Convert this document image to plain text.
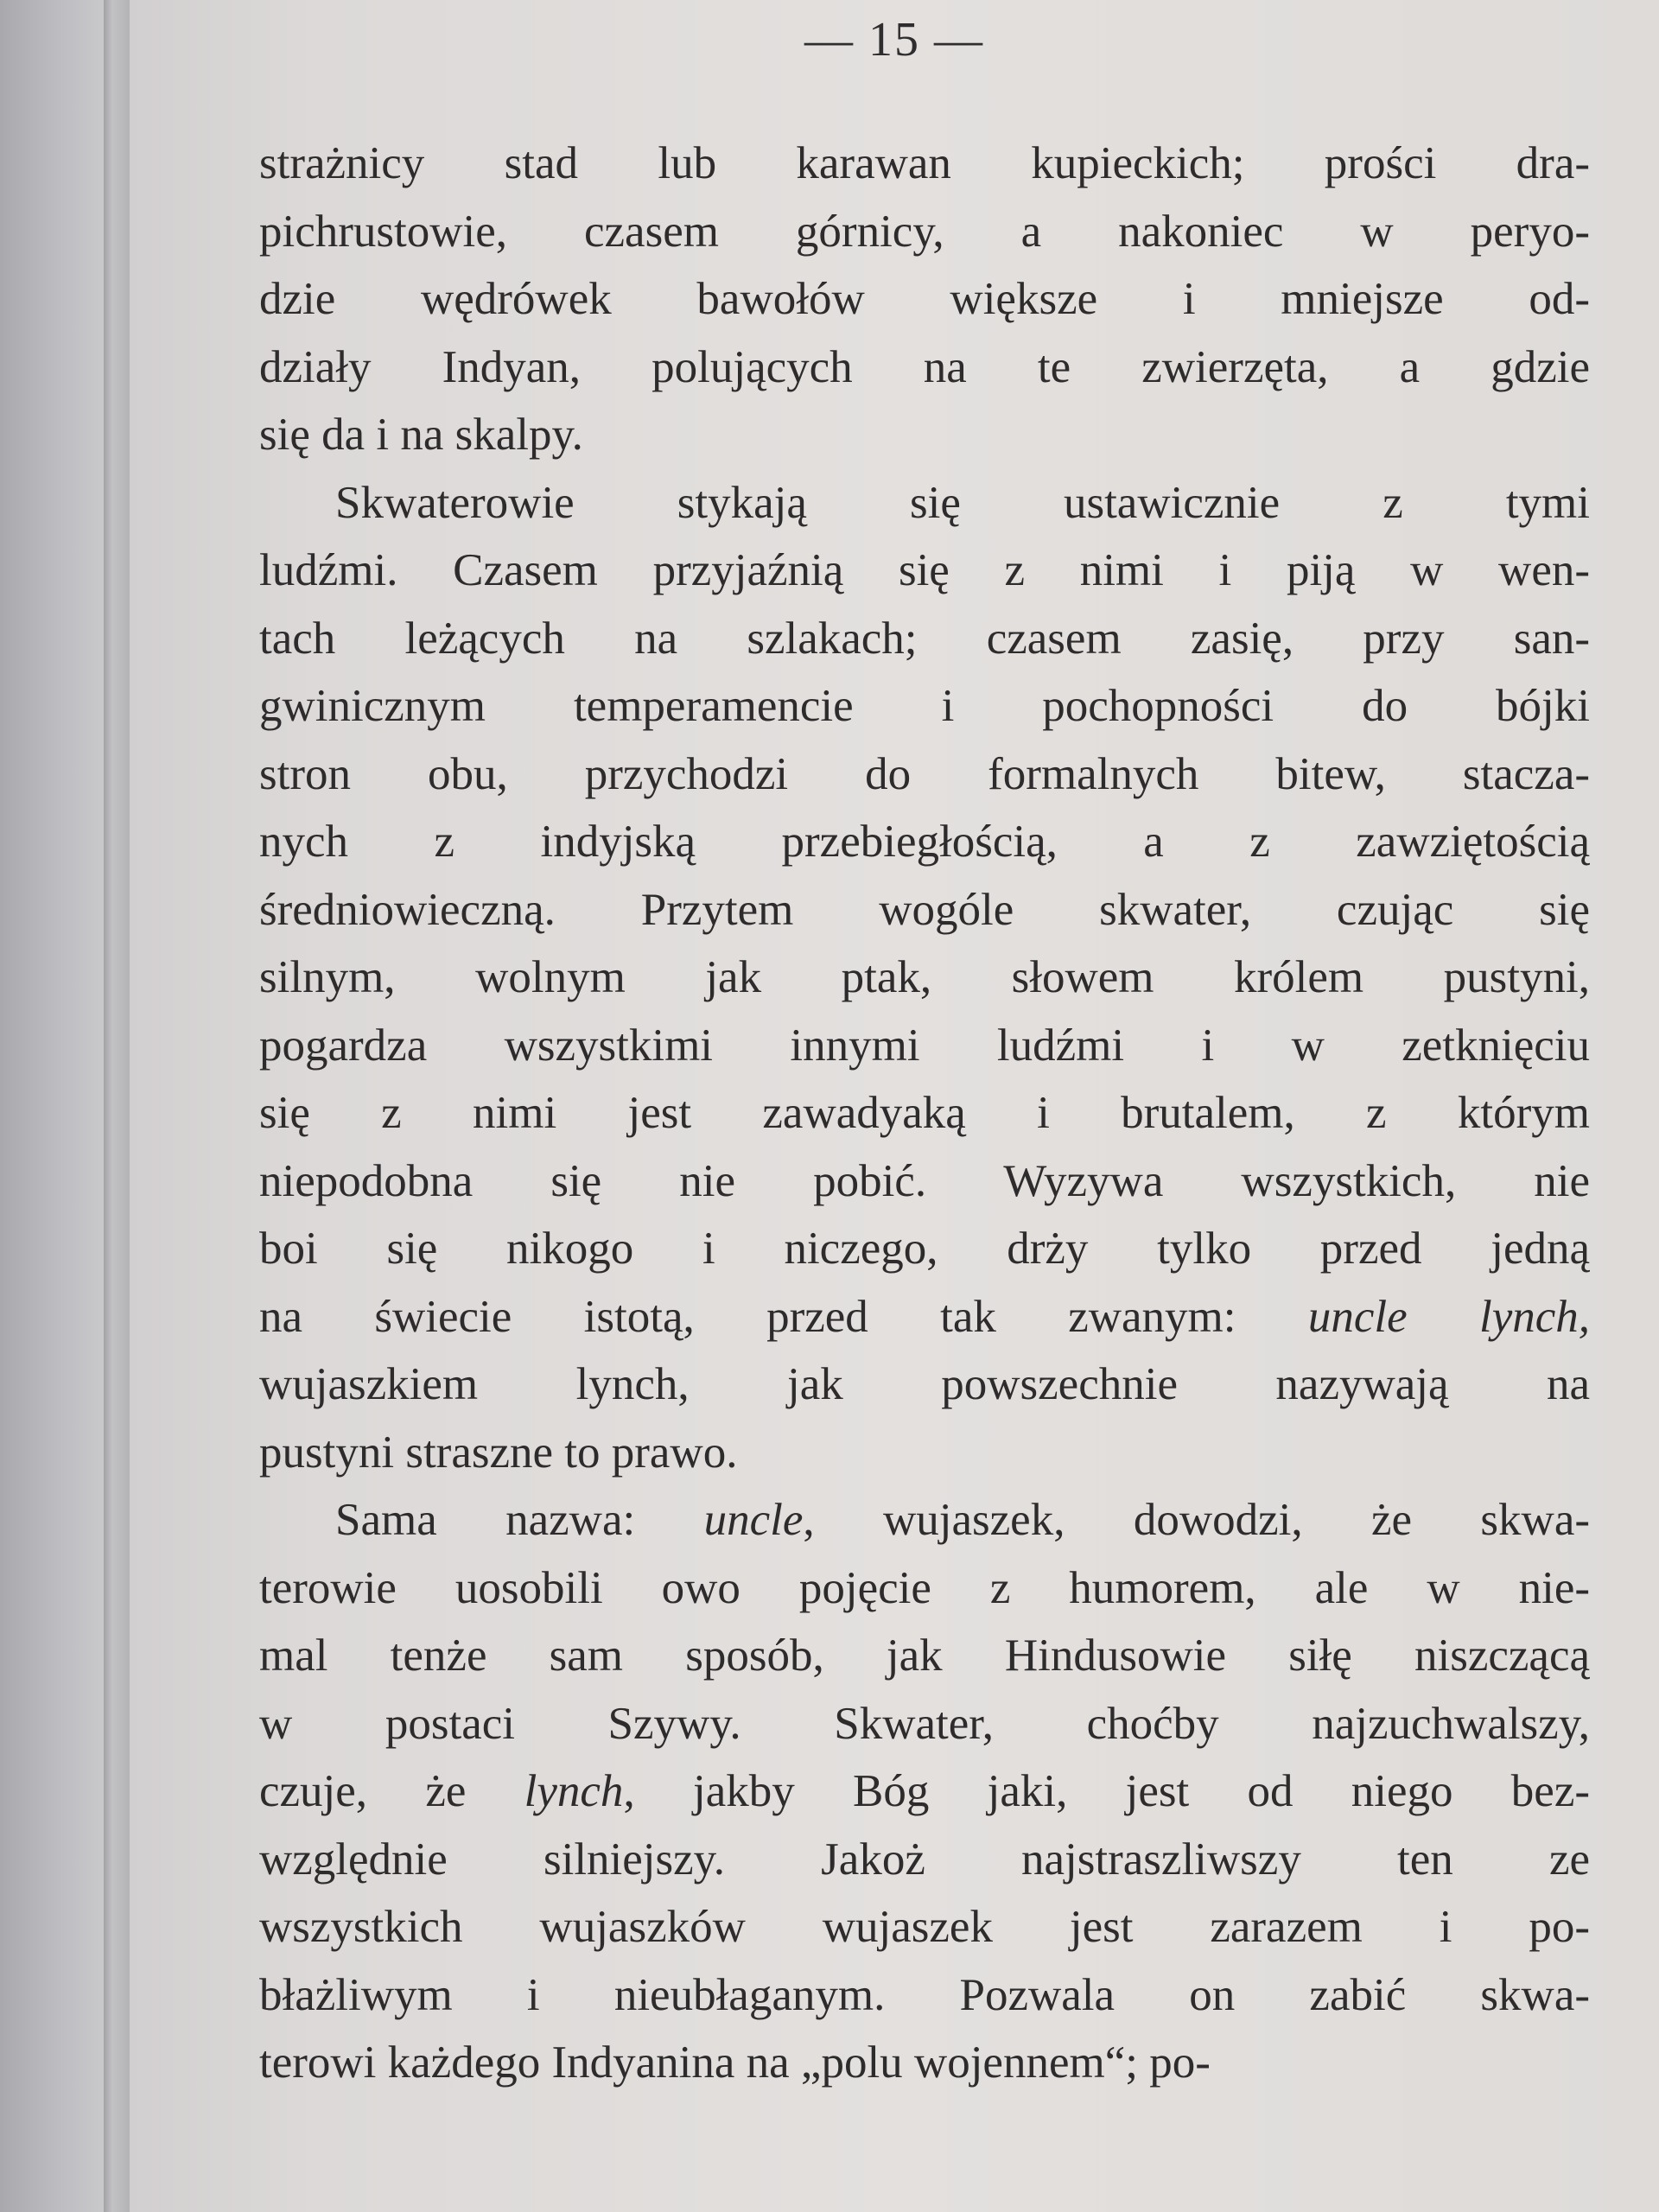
— 15 —
strażnicy stad lub karawan kupieckich; prości dra-
pichrustowie, czasem górnicy, a nakoniec w peryo-
dzie wędrówek bawołów większe i mniejsze od-
działy Indyan, polujących na te zwierzęta, a gdzie
się da i na skalpy.
Skwaterowie stykają się ustawicznie z tymi
ludźmi. Czasem przyjaźnią się z nimi i piją w wen-
tach leżących na szlakach; czasem zasię, przy san-
gwinicznym temperamencie i pochopności do bójki
stron obu, przychodzi do formalnych bitew, stacza-
nych z indyjską przebiegłością, a z zawziętością
średniowieczną. Przytem wogóle skwater, czując się
silnym, wolnym jak ptak, słowem królem pustyni,
pogardza wszystkimi innymi ludźmi i w zetknięciu
się z nimi jest zawadyaką i brutalem, z którym
niepodobna się nie pobić. Wyzywa wszystkich, nie
boi się nikogo i niczego, drży tylko przed jedną
na świecie istotą, przed tak zwanym: uncle lynch,
wujaszkiem lynch, jak powszechnie nazywają na
pustyni straszne to prawo.
Sama nazwa: uncle, wujaszek, dowodzi, że skwa-
terowie uosobili owo pojęcie z humorem, ale w nie-
mal tenże sam sposób, jak Hindusowie siłę niszczącą
w postaci Szywy. Skwater, choćby najzuchwalszy,
czuje, że lynch, jakby Bóg jaki, jest od niego bez-
względnie silniejszy. Jakoż najstraszliwszy ten ze
wszystkich wujaszków wujaszek jest zarazem i po-
błażliwym i nieubłaganym. Pozwala on zabić skwa-
terowi każdego Indyanina na „polu wojennem“; po-
